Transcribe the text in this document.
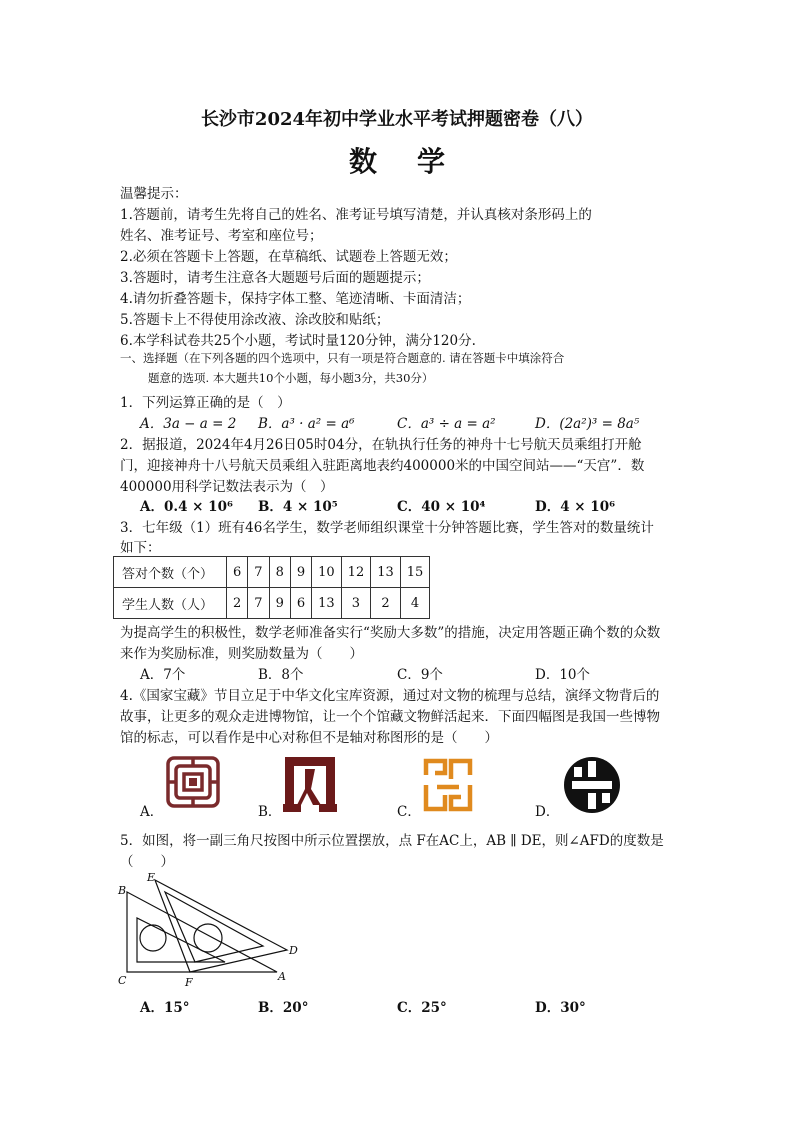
长沙市2024年初中学业水平考试押题密卷（八）
数学
温馨提示：
1.答题前，请考生先将自己的姓名、准考证号填写清楚，并认真核对条形码上的
姓名、准考证号、考室和座位号；
2.必须在答题卡上答题，在草稿纸、试题卷上答题无效；
3.答题时，请考生注意各大题题号后面的题题提示；
4.请勿折叠答题卡，保持字体工整、笔迹清晰、卡面清洁；
5.答题卡上不得使用涂改液、涂改胶和贴纸；
6.本学科试卷共25个小题，考试时量120分钟，满分120分.
一、选择题（在下列各题的四个选项中，只有一项是符合题意的. 请在答题卡中填涂符合
题意的选项. 本大题共10个小题，每小题3分，共30分）
1．下列运算正确的是（　）
A．3a − a = 2 B．a³ · a² = a⁶	C．a³ ÷ a = a²	D．(2a²)³ = 8a⁵
2．据报道，2024年4月26日05时04分，在轨执行任务的神舟十七号航天员乘组打开舱
门，迎接神舟十八号航天员乘组入驻距离地表约400000米的中国空间站——“天宫”．数
400000用科学记数法表示为（　）
A．0.4 × 10⁶ B．4 × 10⁵	C．40 × 10⁴	D．4 × 10⁶
3．七年级（1）班有46名学生，数学老师组织课堂十分钟答题比赛，学生答对的数量统计
如下：
答对个数（个）	6	7	8	9	10	12	13	15
学生人数（人）	2	7	9	6	13	3	2	4
为提高学生的积极性，数学老师准备实行“奖励大多数”的措施，决定用答题正确个数的众数
来作为奖励标准，则奖励数量为（　　）
A．7个	B．8个	C．9个	D．10个
4.《国家宝藏》节目立足于中华文化宝库资源，通过对文物的梳理与总结，演绎文物背后的
故事，让更多的观众走进博物馆，让一个个馆藏文物鲜活起来．下面四幅图是我国一些博物
馆的标志，可以看作是中心对称但不是轴对称图形的是（　　）
A．	B．	C．	D．
5．如图，将一副三角尺按图中所示位置摆放，点 F在AC上，AB ∥ DE，则∠AFD的度数是
（　　）
B
E
D
C	F	A
A．15°	B．20°	C．25°	D．30°
